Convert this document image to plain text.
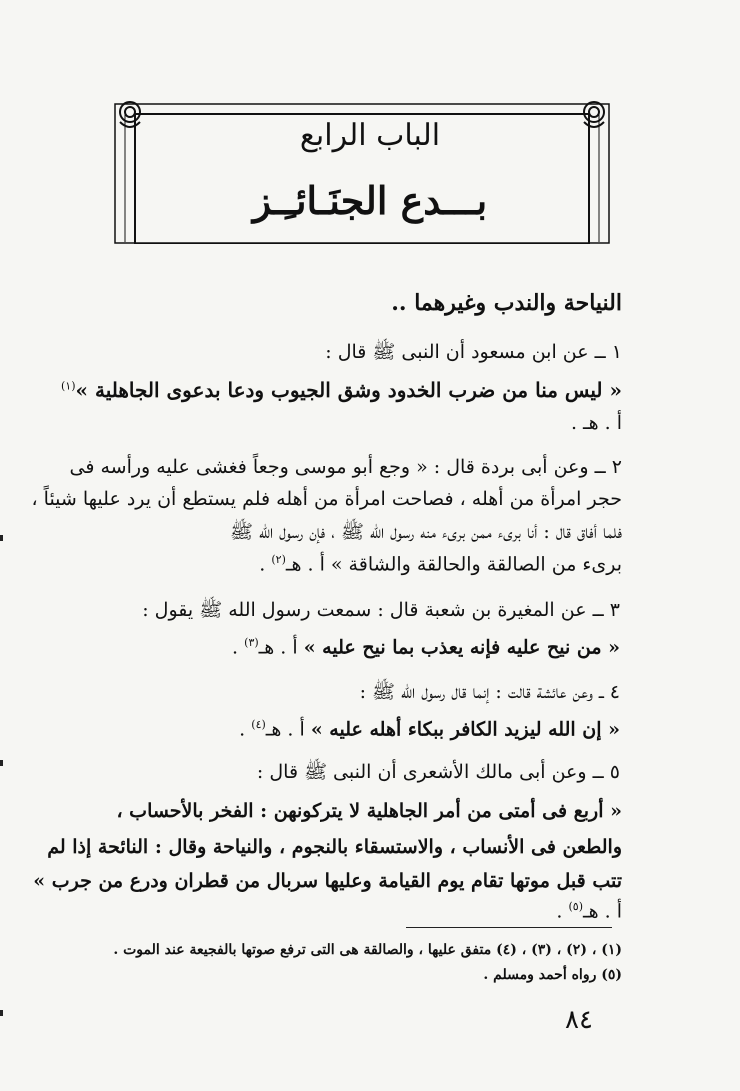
الباب الرابع
بـــدع الجنَـائـِـز
النياحة والندب وغيرهما ..
١ ــ عن ابن مسعود أن النبى ﷺ قال :
« ليس منا من ضرب الخدود وشق الجيوب ودعا بدعوى الجاهلية »$^{(١)}$
أ . هـ .
٢ ــ وعن أبى بردة قال : « وجع أبو موسى وجعاً فغشى عليه ورأسه فى
حجر امرأة من أهله ، فصاحت امرأة من أهله فلم يستطع أن يرد عليها شيئاً ،
فلما أفاق قال : أنا برىء ممن برىء منه رسول الله ﷺ ، فإن رسول الله ﷺ
برىء من الصالقة والحالقة والشاقة » أ . هـ$^{(٢)}$ .
٣ ــ عن المغيرة بن شعبة قال : سمعت رسول الله ﷺ يقول :
« من نيح عليه فإنه يعذب بما نيح عليه » أ . هـ$^{(٣)}$ .
٤ ــ وعن عائشة قالت : إنما قال رسول الله ﷺ :
« إن الله ليزيد الكافر ببكاء أهله عليه » أ . هـ$^{(٤)}$ .
٥ ــ وعن أبى مالك الأشعرى أن النبى ﷺ قال :
« أربع فى أمتى من أمر الجاهلية لا يتركونهن : الفخر بالأحساب ،
والطعن فى الأنساب ، والاستسقاء بالنجوم ، والنياحة وقال : النائحة إذا لم
تتب قبل موتها تقام يوم القيامة وعليها سربال من قطران ودرع من جرب »
أ . هـ$^{(٥)}$ .
(١) ، (٢) ، (٣) ، (٤) متفق عليها ، والصالقة هى التى ترفع صوتها بالفجيعة عند الموت .
(٥) رواه أحمد ومسلم .
٨٤
